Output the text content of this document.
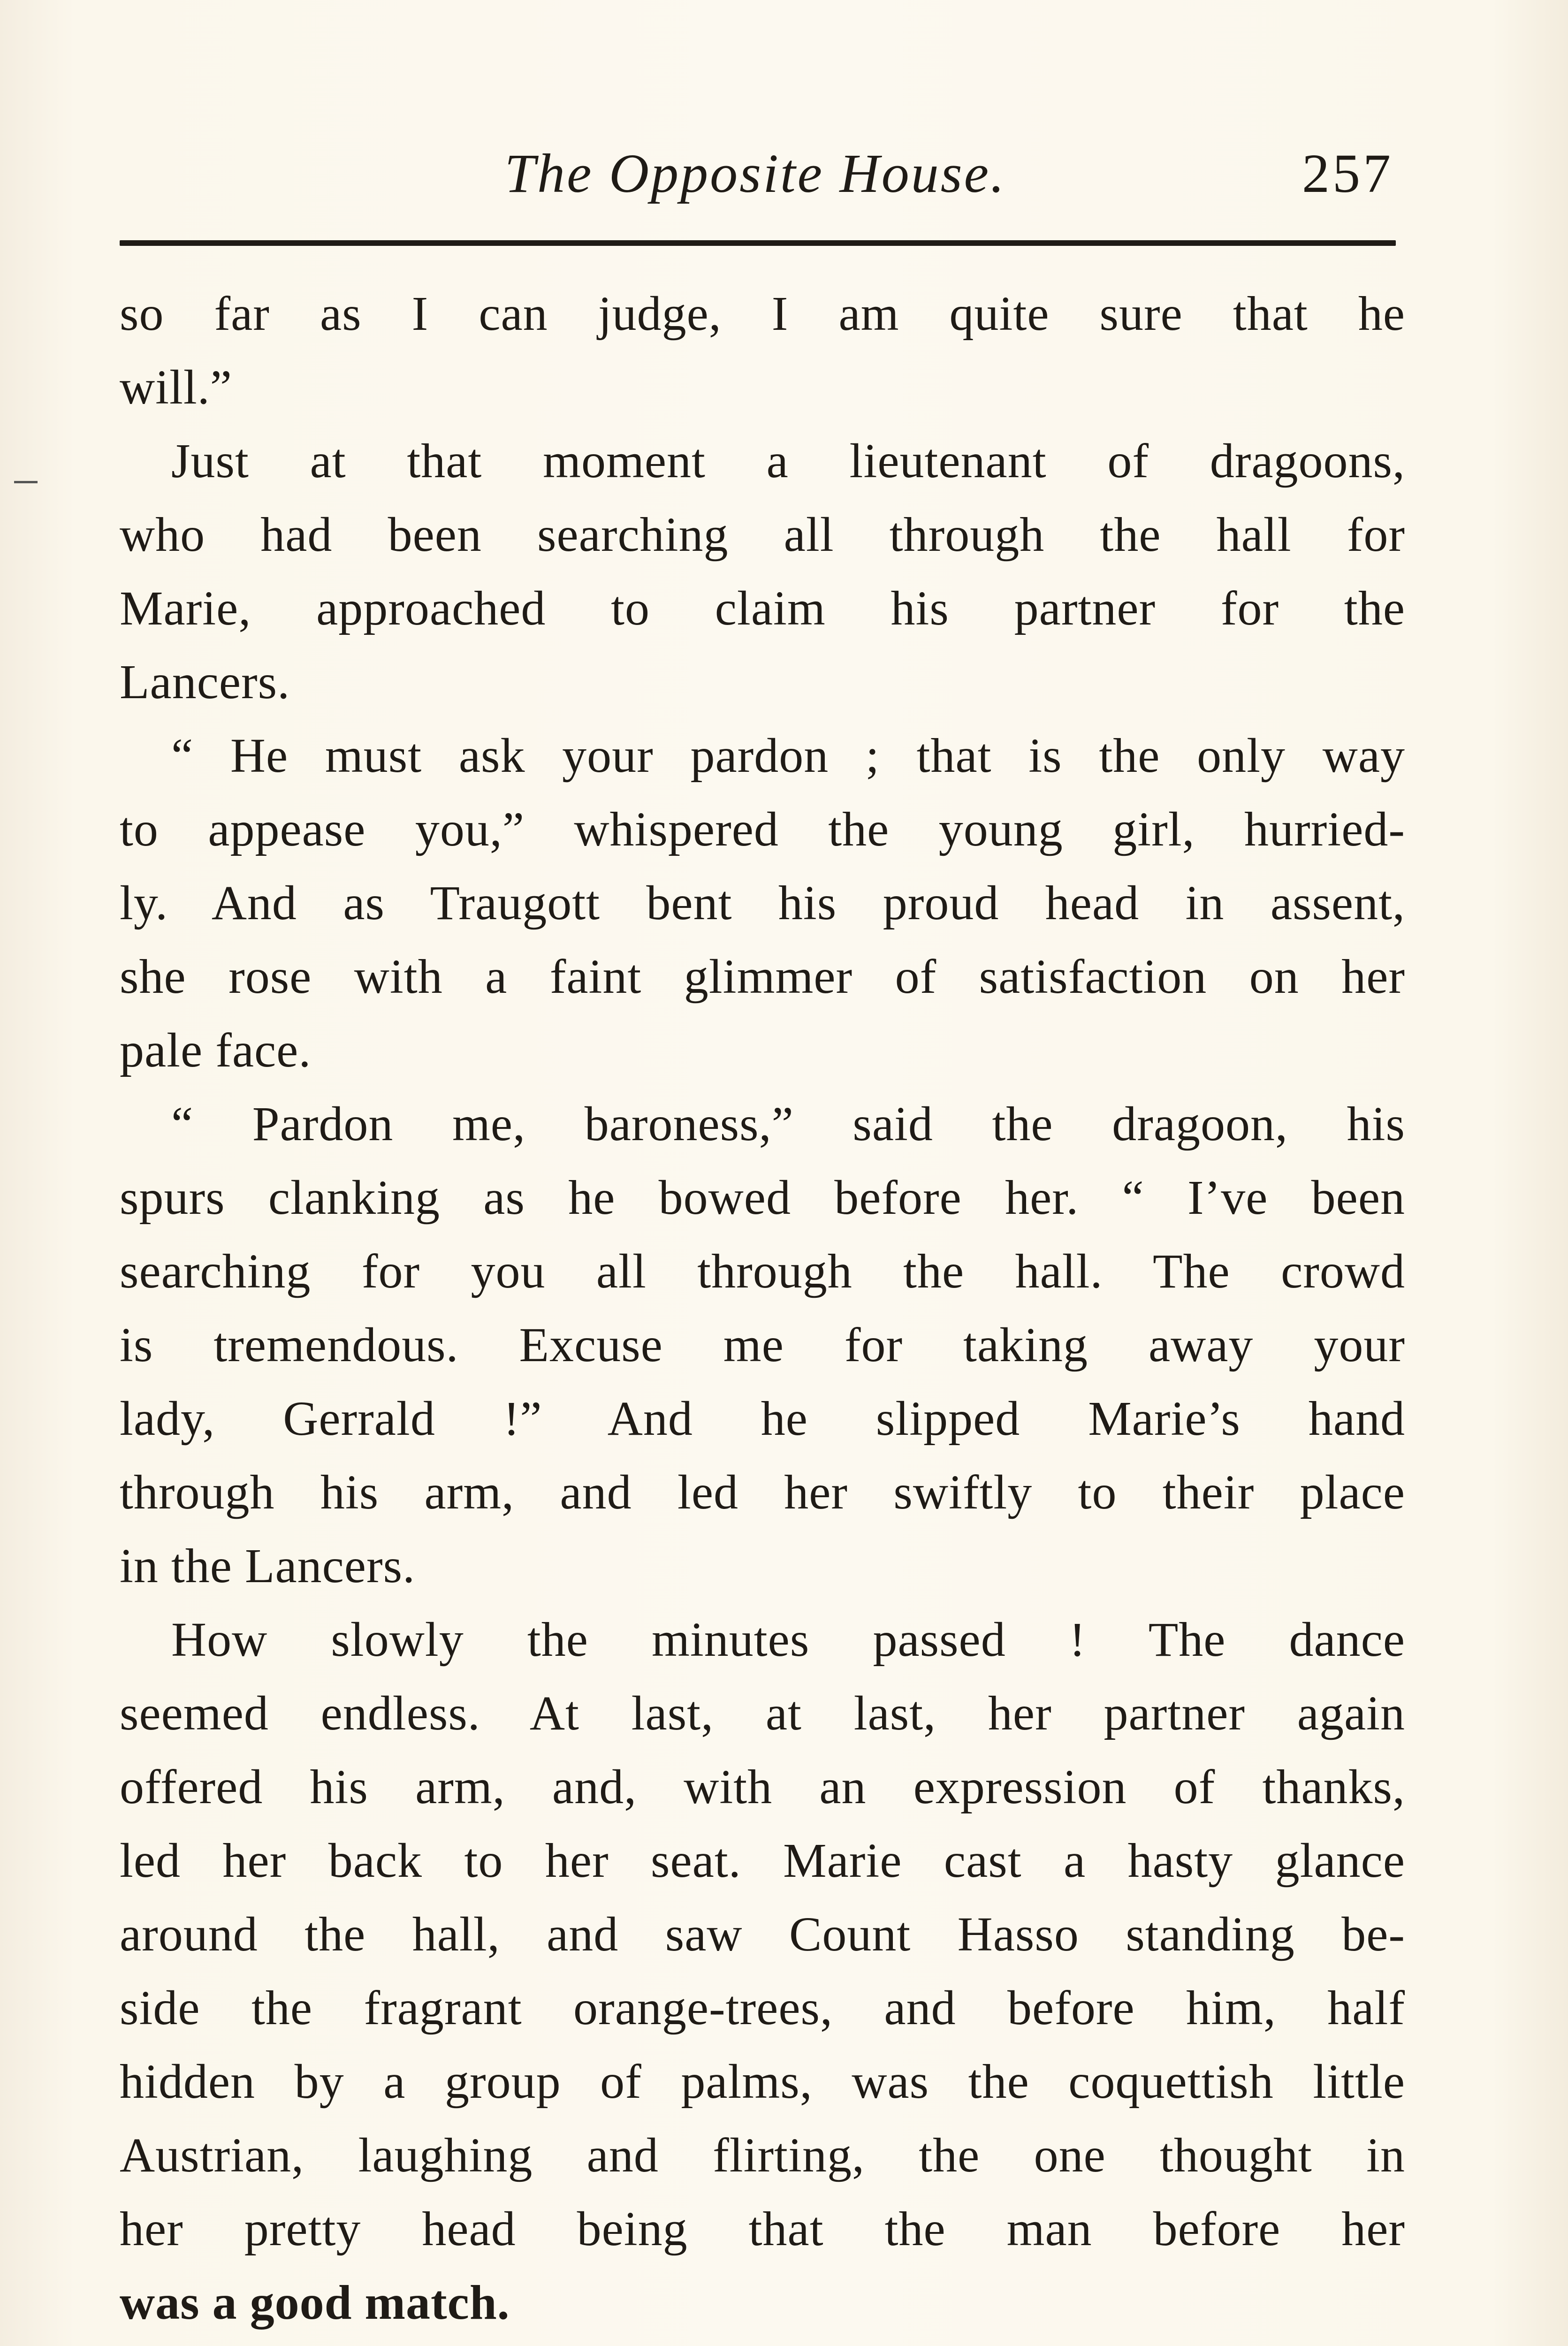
The Opposite House.	257
so far as I can judge, I am quite sure that he
will.”
Just at that moment a lieutenant of dragoons,
who had been searching all through the hall for
Marie, approached to claim his partner for the
Lancers.
“ He must ask your pardon ; that is the only way
to appease you,” whispered the young girl, hurried-
ly. And as Traugott bent his proud head in assent,
she rose with a faint glimmer of satisfaction on her
pale face.
“ Pardon me, baroness,” said the dragoon, his
spurs clanking as he bowed before her. “ I’ve been
searching for you all through the hall. The crowd
is tremendous. Excuse me for taking away your
lady, Gerrald !” And he slipped Marie’s hand
through his arm, and led her swiftly to their place
in the Lancers.
How slowly the minutes passed ! The dance
seemed endless. At last, at last, her partner again
offered his arm, and, with an expression of thanks,
led her back to her seat. Marie cast a hasty glance
around the hall, and saw Count Hasso standing be-
side the fragrant orange-trees, and before him, half
hidden by a group of palms, was the coquettish little
Austrian, laughing and flirting, the one thought in
her pretty head being that the man before her
was a good match.
